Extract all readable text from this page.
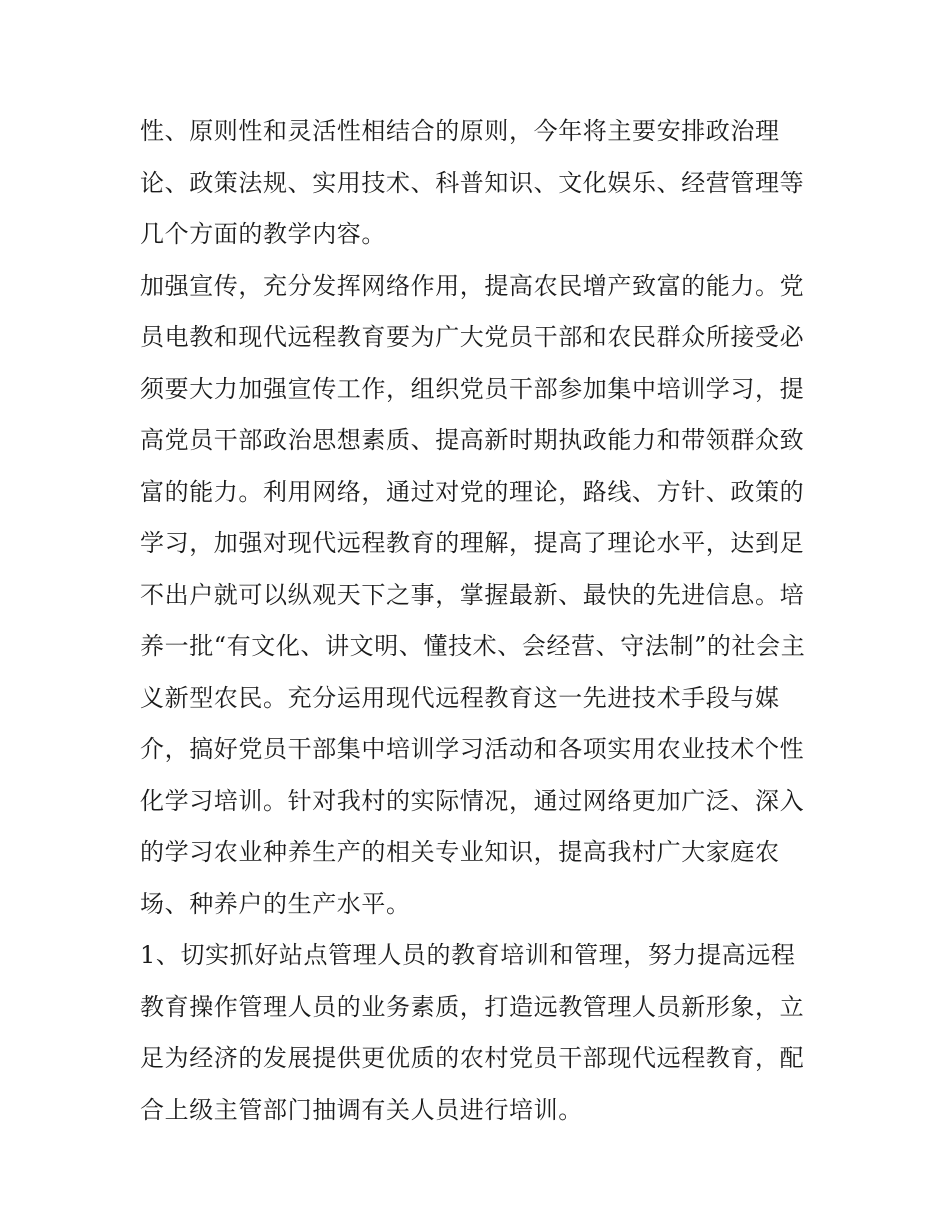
性、原则性和灵活性相结合的原则，今年将主要安排政治理
论、政策法规、实用技术、科普知识、文化娱乐、经营管理等
几个方面的教学内容。
加强宣传，充分发挥网络作用，提高农民增产致富的能力。党
员电教和现代远程教育要为广大党员干部和农民群众所接受必
须要大力加强宣传工作，组织党员干部参加集中培训学习，提
高党员干部政治思想素质、提高新时期执政能力和带领群众致
富的能力。利用网络，通过对党的理论，路线、方针、政策的
学习，加强对现代远程教育的理解，提高了理论水平，达到足
不出户就可以纵观天下之事，掌握最新、最快的先进信息。培
养一批“有文化、讲文明、懂技术、会经营、守法制”的社会主
义新型农民。充分运用现代远程教育这一先进技术手段与媒
介，搞好党员干部集中培训学习活动和各项实用农业技术个性
化学习培训。针对我村的实际情况，通过网络更加广泛、深入
的学习农业种养生产的相关专业知识，提高我村广大家庭农
场、种养户的生产水平。
1、切实抓好站点管理人员的教育培训和管理，努力提高远程
教育操作管理人员的业务素质，打造远教管理人员新形象，立
足为经济的发展提供更优质的农村党员干部现代远程教育，配
合上级主管部门抽调有关人员进行培训。
